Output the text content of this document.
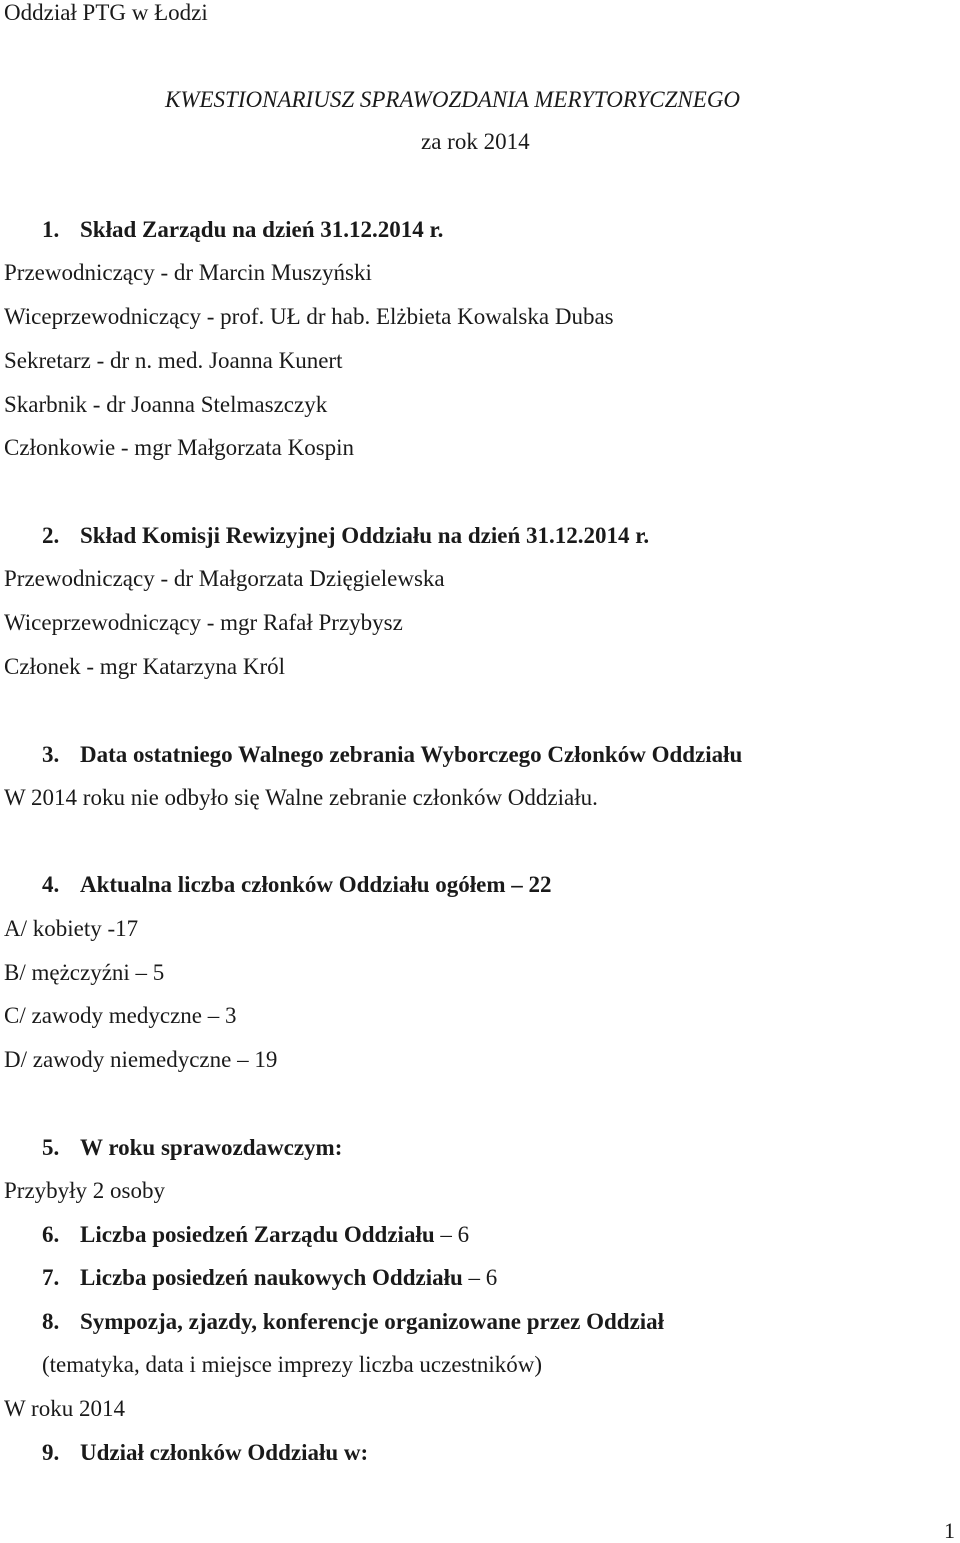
Oddział PTG w Łodzi
KWESTIONARIUSZ SPRAWOZDANIA MERYTORYCZNEGO
za rok 2014
1. Skład Zarządu na dzień 31.12.2014 r.
Przewodniczący - dr Marcin Muszyński
Wiceprzewodniczący - prof. UŁ dr hab. Elżbieta Kowalska Dubas
Sekretarz - dr n. med. Joanna Kunert
Skarbnik - dr Joanna Stelmaszczyk
Członkowie - mgr Małgorzata Kospin
2. Skład Komisji Rewizyjnej Oddziału na dzień 31.12.2014 r.
Przewodniczący - dr Małgorzata Dzięgielewska
Wiceprzewodniczący - mgr Rafał Przybysz
Członek - mgr Katarzyna Król
3. Data ostatniego Walnego zebrania Wyborczego Członków Oddziału
W 2014 roku nie odbyło się Walne zebranie członków Oddziału.
4. Aktualna liczba członków Oddziału ogółem – 22
A/ kobiety -17
B/ mężczyźni – 5
C/ zawody medyczne – 3
D/ zawody niemedyczne – 19
5. W roku sprawozdawczym:
Przybyły 2 osoby
6. Liczba posiedzeń Zarządu Oddziału – 6
7. Liczba posiedzeń naukowych Oddziału – 6
8. Sympozja, zjazdy, konferencje organizowane przez Oddział
(tematyka, data i miejsce imprezy liczba uczestników)
W roku 2014
9. Udział członków Oddziału w:
1
